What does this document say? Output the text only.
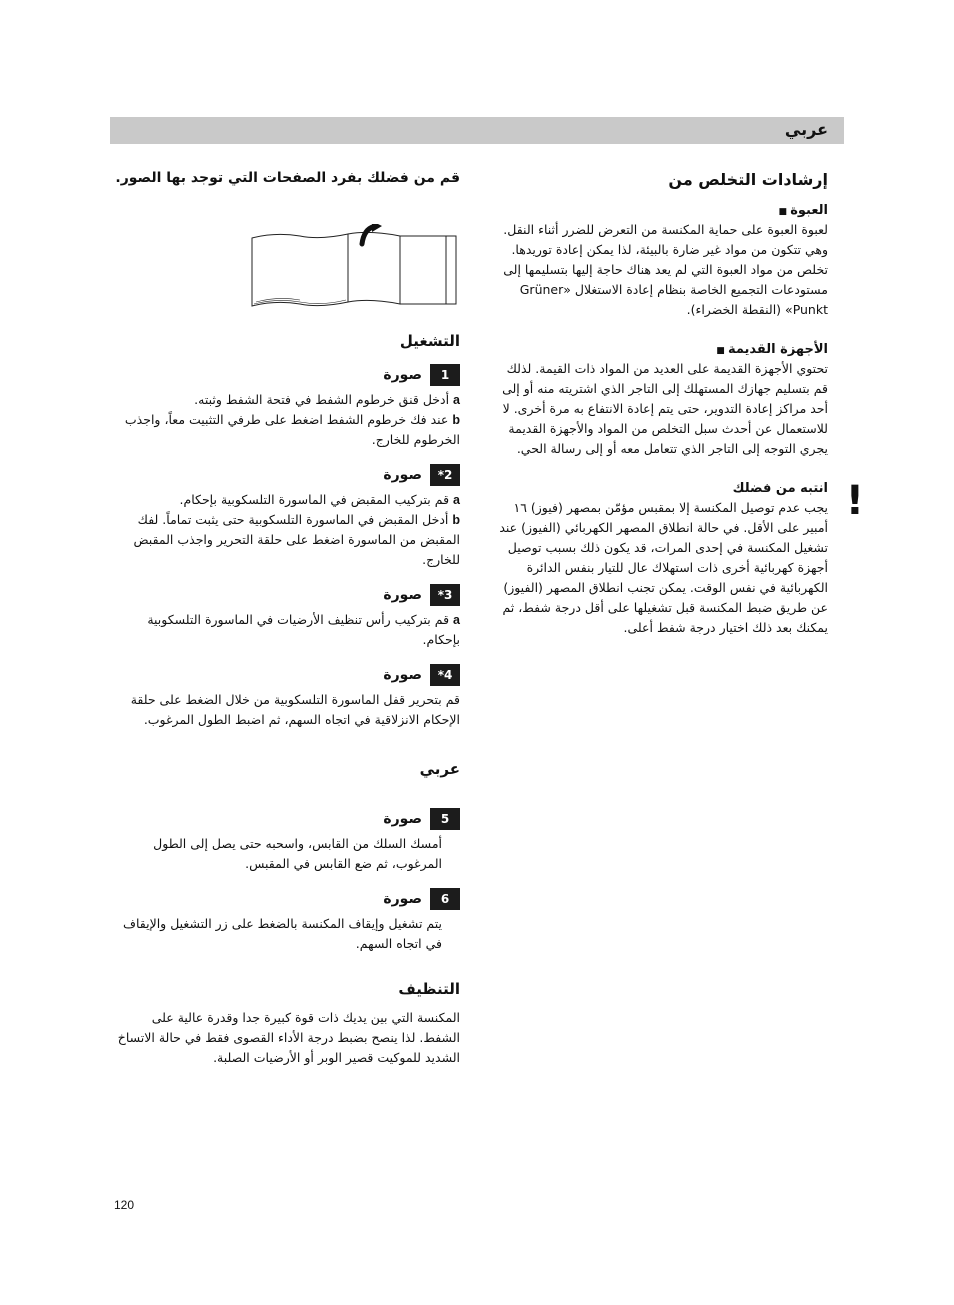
عربي
إرشادات التخلص من
العبوة ■

لعبوة العبوة على حماية المكنسة من التعرض للضرر أثناء النقل. وهي تتكون من مواد غير ضارة بالبيئة، لذا يمكن إعادة توريدها. تخلص من مواد العبوة التي لم يعد هناك حاجة إليها بتسليمها إلى مستودعات التجميع الخاصة بنظام إعادة الاستغلال «Grüner Punkt» (النقطة الخضراء).

الأجهزة القديمة ■

تحتوي الأجهزة القديمة على العديد من المواد ذات القيمة. لذلك قم بتسليم جهازك المستهلك إلى التاجر الذي اشتريته منه أو إلى أحد مراكز إعادة التدوير، حتى يتم إعادة الانتفاع به مرة أخرى. لا للاستعمال عن أحدث سبل التخلص من المواد والأجهزة القديمة يجري التوجه إلى التاجر الذي تتعامل معه أو إلى رسالة الحي.

!
انتبه من فضلك

يجب عدم توصيل المكنسة إلا بمقبس مؤمّن بمصهر (فيوز) ١٦ أمبير على الأقل. في حالة انطلاق المصهر الكهربائي (الفيوز) عند تشغيل المكنسة في إحدى المرات، قد يكون ذلك بسبب توصيل أجهزة كهربائية أخرى ذات استهلاك عال للتيار بنفس الدائرة الكهربائية في نفس الوقت. يمكن تجنب انطلاق المصهر (الفيوز) عن طريق ضبط المكنسة قبل تشغيلها على أقل درجة شفط، ثم يمكنك بعد ذلك اختيار درجة شفط أعلى.

قم من فضلك بفرد الصفحات التي توجد بها الصور.
التشغيل
صورة	1
a أدخل قنق خرطوم الشفط في فتحة الشفط وثبته.
b عند فك خرطوم الشفط اضغط على طرفي التثبيت معاً، واجذب الخرطوم للخارج.
صورة	2*
a قم بتركيب المقبض في الماسورة التلسكوبية بإحكام.
b أدخل المقبض في الماسورة التلسكوبية حتى يثبت تماماً. لفك المقبض من الماسورة اضغط على حلقة التحرير واجذب المقبض للخارج.
صورة	3*
a قم بتركيب رأس تنظيف الأرضيات في الماسورة التلسكوبية بإحكام.
صورة	4*
قم بتحرير قفل الماسورة التلسكوبية من خلال الضغط على حلقة الإحكام الانزلاقية في اتجاه السهم، ثم اضبط الطول المرغوب.
عربي
صورة	5
أمسك السلك من القابس، واسحبه حتى يصل إلى الطول المرغوب، ثم ضع القابس في المقبس.
صورة	6
يتم تشغيل وإيقاف المكنسة بالضغط على زر التشغيل والإيقاف في اتجاه السهم.
التنظيف
المكنسة التي بين يديك ذات قوة كبيرة جدا وقدرة عالية على الشفط. لذا ينصح بضبط درجة الأداء القصوى فقط في حالة الاتساخ الشديد للموكيت قصير الوبر أو الأرضيات الصلبة.
120
